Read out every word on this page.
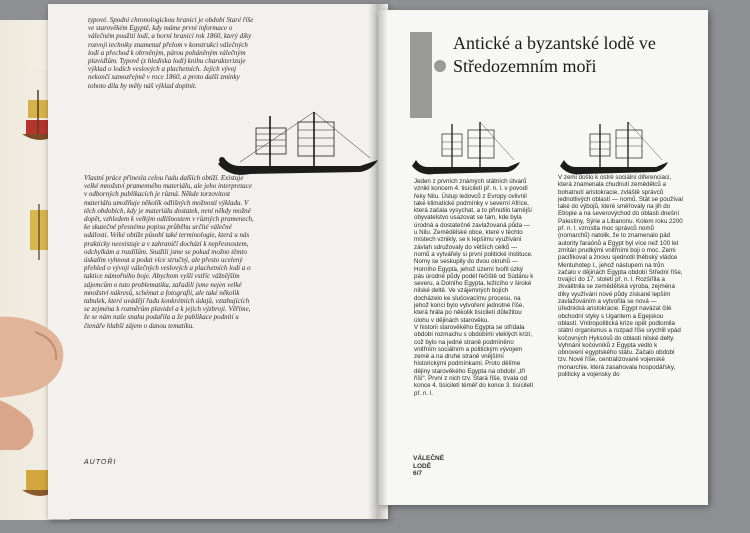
typové. Spodní chronologickou hranici je období Staré říše ve starověkém Egyptě, kdy máme první informace o válečném použití lodí, a horní hranicí rok 1860, který díky rozvoji techniky znamenal přelom v konstrukci válečných lodí a přechod k obrněným, párou poháněným válečným plavidlům. Typově (z hlediska lodí) knihu charakterizuje výklad o lodích veslových a plachetních. Jejich vývoj nekončí samozřejmě v roce 1860, a proto další zmínky tohoto díla by měly náš výklad doplnit.
Vlastní práce přinesla celou řadu dalších obtíží. Existuje velké množství pramenného materiálu, ale jeho interpretace v odborných publikacích je různá. Někde torzovitost materiálu umožňuje několik odlišných možností výkladu. V těch obdobích, kdy je materiálu dostatek, není někdy možné dopět, vzhledem k velkým odlišnostem v různých pramenech, ke skutečné přesnému popisu průběhu určité válečné události. Velké obtíže působí také terminologie, která u nás prakticky neexistuje a v zahraničí dochází k nepřesnostem, odchylkám a rozdílům. Snažili jsme se pokud možno těmto úskalím vyhnout a podat více stručný, ale přesto ucelený přehled o vývoji válečných veslových a plachetních lodí a o taktice námořního boje. Abychom vyšli vstříc vážnějším zájemcům o tuto problematiku, zařadili jsme nejen velké množství nákresů, schémat a fotografií, ale také několik tabulek, které uvádějí řadu konkrétních údajů, vztahujících se zejména k rozměrům plavidel a k jejich výzbroji. Věříme, že se nám naše snaha podařila a že publikace podnítí u čtenáře hlubší zájem o danou tematiku.
AUTOŘI
Antické a byzantské lodě ve Středozemním moři
Jeden z prvních známých státních útvarů vznikl koncem 4. tisíciletí př. n. l. v povodí řeky Nilu. Ústup ledovců z Evropy ovlivnil také klimatické podmínky v severní Africe, která začala vysychat, a to přinutilo tamější obyvatelstvo usazovat se tam, kde byla úrodná a dostatečně zavlažovaná půda — u Nilu. Zemědělské obce, které v těchto místech vznikly, se k lepšímu využívání závlah sdružovaly do větších celků — nomů a vytvářely si první politické instituce. Nomy se seskupily do dvou okruhů — Horního Egypta, jehož území tvořil úzký pás úrodné půdy podél řečiště od Súdánu k severu, a Dolního Egypta, ležícího v široké nilské deltě. Ve vzájemných bojích docházelo ke slučovacímu procesu, na jehož konci bylo vytvoření jednotné říše, která hrála po několik tisíciletí důležitou úlohu v dějinách starověku.
V historii starověkého Egypta se střídala období rozmachu s obdobími vleklých krizí, což bylo na jedné straně podmíněno vnitřním sociálním a politickým vývojem země a na druhé straně vnějšími historickými podmínkami. Proto dělíme dějiny starověkého Egypta na období „tří říší“. První z nich tzv. Stará říše, trvala od konce 4. tisíciletí téměř do konce 3. tisíciletí př. n. l.
V zemi došlo k ostré sociální diferenciaci, která znamenala chudnutí zemědělců a bohatnutí aristokracie, zvláště správců jednotlivých oblastí — nomů. Stát se používal také do výbojů, které směřovaly na jih do Etiopie a na severovýchod do oblasti dnešní Palestiny, Sýrie a Libanonu. Kolem roku 2200 př. n. l. vzrostla moc správců nomů (nomarchů) natolik, že to znamenalo pád autority faraónů a Egypt byl více než 100 let zmítán prudkými vnitřními boji o moc. Zemi pacifikoval a znovu sjednotil thébský vládce Mentuhotep I., jehož nástupem na trůn začalo v dějinách Egypta období Střední říše, trvající do 17. století př. n. l. Rozšířila a zkvalitnila se zemědělská výroba, zejména díky využívání nové půdy získané lepším zavlažováním a vytvořila se nová — úřednická aristokracie. Egypt navázal čilé obchodní styky s Ugaritem a Egejskou oblastí. Vnitropolitická krize opět podlomila státní organismus a rozpad říše urychlil vpád kočovných Hyksósů do oblasti nilské delty. Vyhnání kočovníků z Egypta vedlo k obnovení egyptského státu. Začalo období tzv. Nové říše, centralizované vojenské monarchie, která zasahovala hospodářsky, politicky a vojensky do
VÁLEČNÉ
LODĚ
6/7
